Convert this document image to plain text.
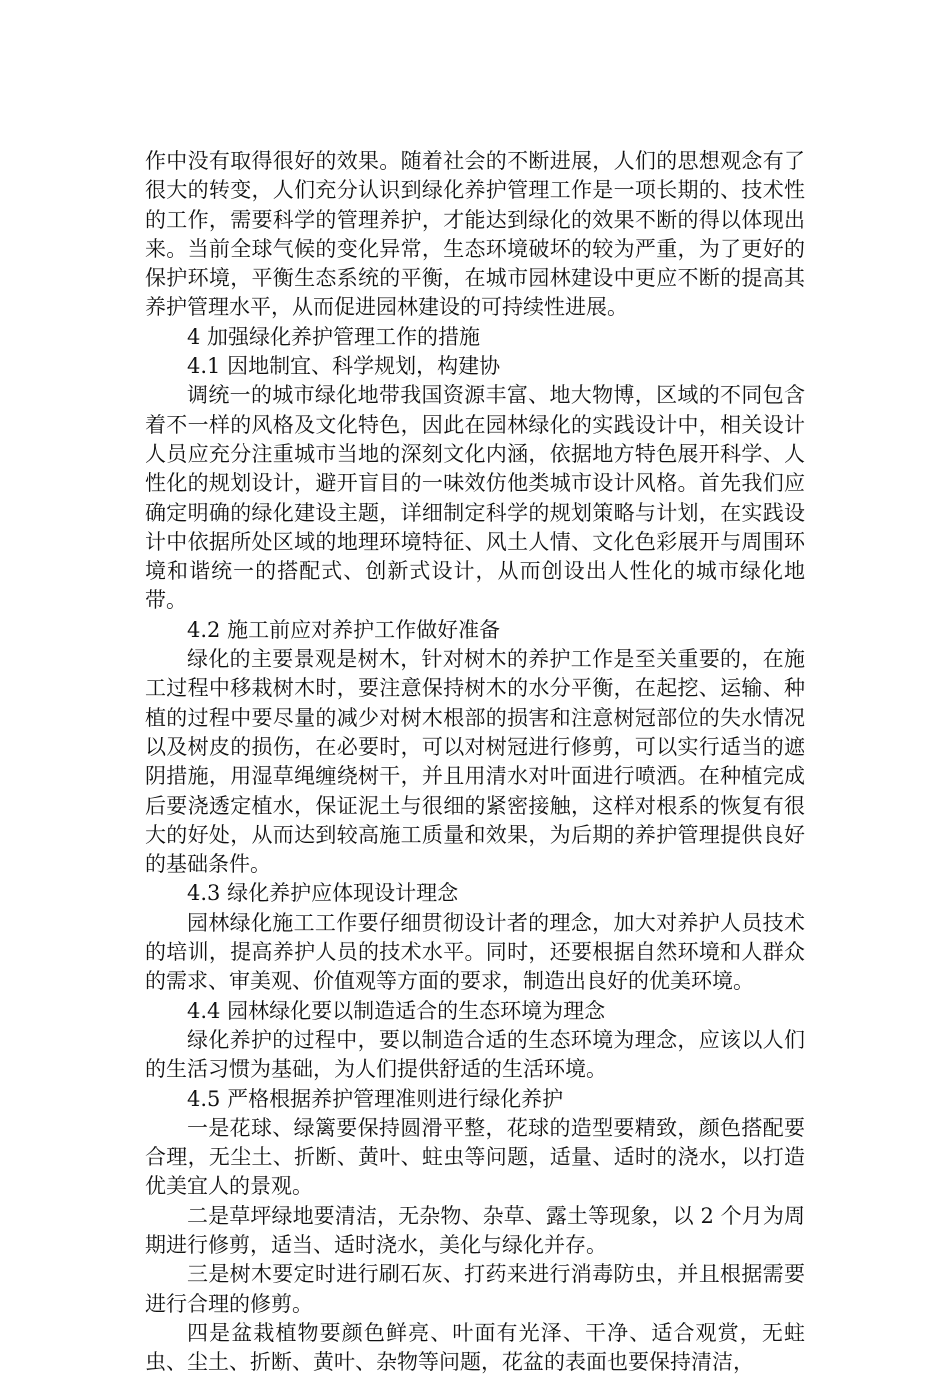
作中没有取得很好的效果。随着社会的不断进展，人们的思想观念有了很大的转变，人们充分认识到绿化养护管理工作是一项长期的、技术性的工作，需要科学的管理养护，才能达到绿化的效果不断的得以体现出来。当前全球气候的变化异常，生态环境破坏的较为严重，为了更好的保护环境，平衡生态系统的平衡，在城市园林建设中更应不断的提高其养护管理水平，从而促进园林建设的可持续性进展。

4 加强绿化养护管理工作的措施

4.1 因地制宜、科学规划，构建协

调统一的城市绿化地带我国资源丰富、地大物博，区域的不同包含着不一样的风格及文化特色，因此在园林绿化的实践设计中，相关设计人员应充分注重城市当地的深刻文化内涵，依据地方特色展开科学、人性化的规划设计，避开盲目的一味效仿他类城市设计风格。首先我们应确定明确的绿化建设主题，详细制定科学的规划策略与计划，在实践设计中依据所处区域的地理环境特征、风土人情、文化色彩展开与周围环境和谐统一的搭配式、创新式设计，从而创设出人性化的城市绿化地带。

4.2 施工前应对养护工作做好准备

绿化的主要景观是树木，针对树木的养护工作是至关重要的，在施工过程中移栽树木时，要注意保持树木的水分平衡，在起挖、运输、种植的过程中要尽量的减少对树木根部的损害和注意树冠部位的失水情况以及树皮的损伤，在必要时，可以对树冠进行修剪，可以实行适当的遮阴措施，用湿草绳缠绕树干，并且用清水对叶面进行喷洒。在种植完成后要浇透定植水，保证泥土与很细的紧密接触，这样对根系的恢复有很大的好处，从而达到较高施工质量和效果，为后期的养护管理提供良好的基础条件。

4.3 绿化养护应体现设计理念

园林绿化施工工作要仔细贯彻设计者的理念，加大对养护人员技术的培训，提高养护人员的技术水平。同时，还要根据自然环境和人群众的需求、审美观、价值观等方面的要求，制造出良好的优美环境。

4.4 园林绿化要以制造适合的生态环境为理念

绿化养护的过程中，要以制造合适的生态环境为理念，应该以人们的生活习惯为基础，为人们提供舒适的生活环境。

4.5 严格根据养护管理准则进行绿化养护

一是花球、绿篱要保持圆滑平整，花球的造型要精致，颜色搭配要合理，无尘土、折断、黄叶、蛀虫等问题，适量、适时的浇水，以打造优美宜人的景观。

二是草坪绿地要清洁，无杂物、杂草、露土等现象，以 2 个月为周期进行修剪，适当、适时浇水，美化与绿化并存。

三是树木要定时进行刷石灰、打药来进行消毒防虫，并且根据需要进行合理的修剪。

四是盆栽植物要颜色鲜亮、叶面有光泽、干净、适合观赏，无蛀虫、尘土、折断、黄叶、杂物等问题，花盆的表面也要保持清洁，
